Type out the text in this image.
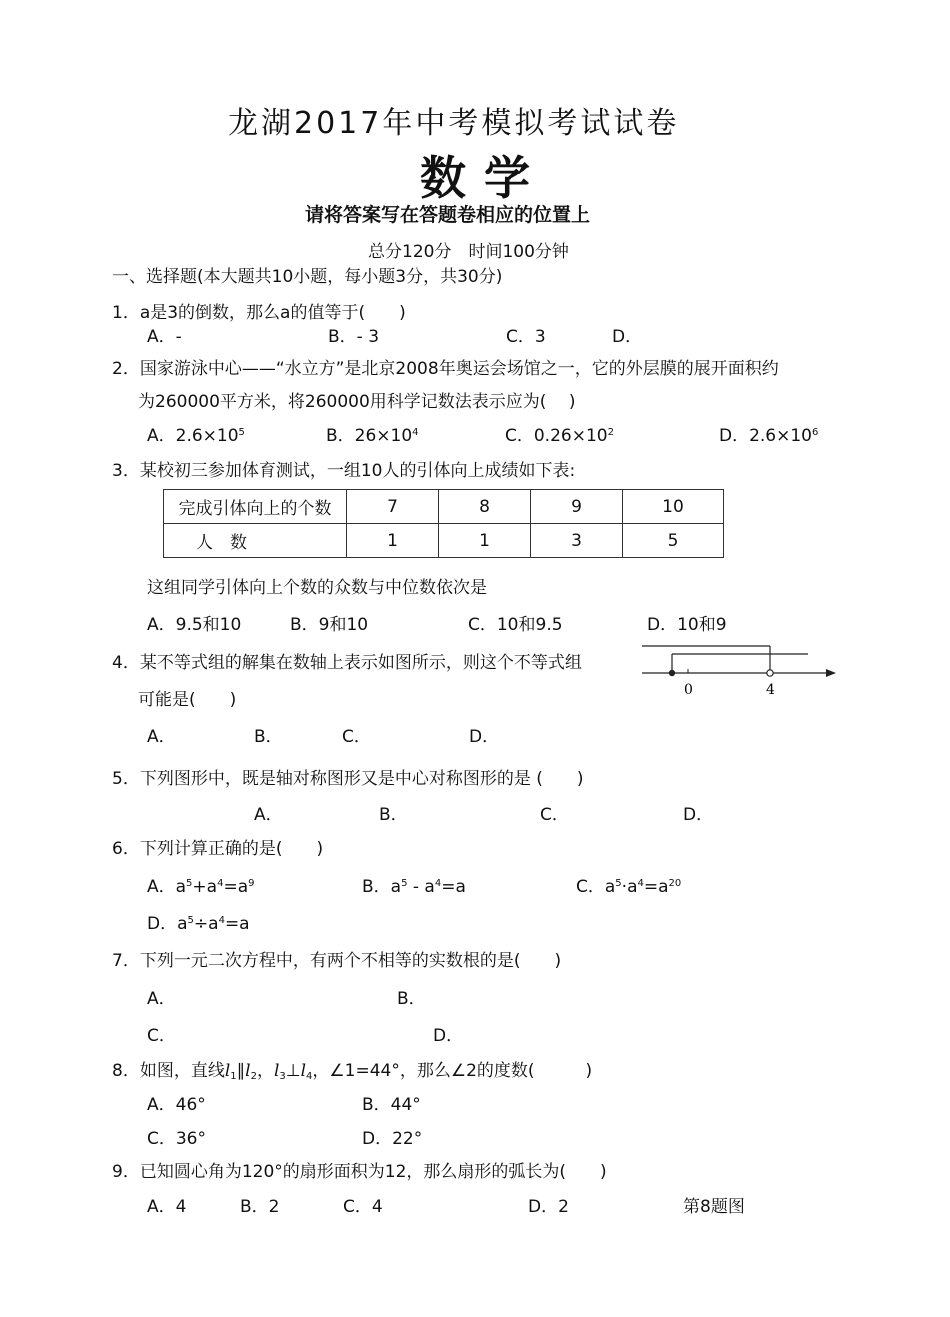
龙湖2017年中考模拟考试试卷
数学
请将答案写在答题卷相应的位置上
总分120分　时间100分钟
一、选择题(本大题共10小题，每小题3分，共30分)
1．a是3的倒数，那么a的值等于(　　)
A．-	B．- 3	C．3	D．
2．国家游泳中心——“水立方”是北京2008年奥运会场馆之一，它的外层膜的展开面积约
为260000平方米，将260000用科学记数法表示应为(　 )
A．$2.6\times 10^5$	B．$26\times 10^4$	C．$0.26\times 10^2$	D．$2.6\times 10^6$
3．某校初三参加体育测试，一组10人的引体向上成绩如下表:
完成引体向上的个数	7	8	9	10
人　数	1	1	3	5
这组同学引体向上个数的众数与中位数依次是
A．9.5和10	B．9和10	C．10和9.5	D．10和9
4．某不等式组的解集在数轴上表示如图所示，则这个不等式组
可能是(　　)
A．	B．	C．	D．
0	4
5．下列图形中，既是轴对称图形又是中心对称图形的是 (　　)
A．	B．	C．	D．
6．下列计算正确的是(　　)
A．$a^5+a^4=a^9$	B．$a^5 - a^4=a$	C．$a^5\cdot a^4=a^{20}$
D．$a^5\div a^4=a$
7．下列一元二次方程中，有两个不相等的实数根的是(　　)
A．	B．
C．	D．
8．如图，直线$l_1\parallel l_2$，$l_3\perp l_4$，∠1=44°，那么∠2的度数(　　　)
A．46°	B．44°
C．36°	D．22°
9．已知圆心角为120°的扇形面积为12，那么扇形的弧长为(　　)
A．4	B．2	C．4	D．2	第8题图
